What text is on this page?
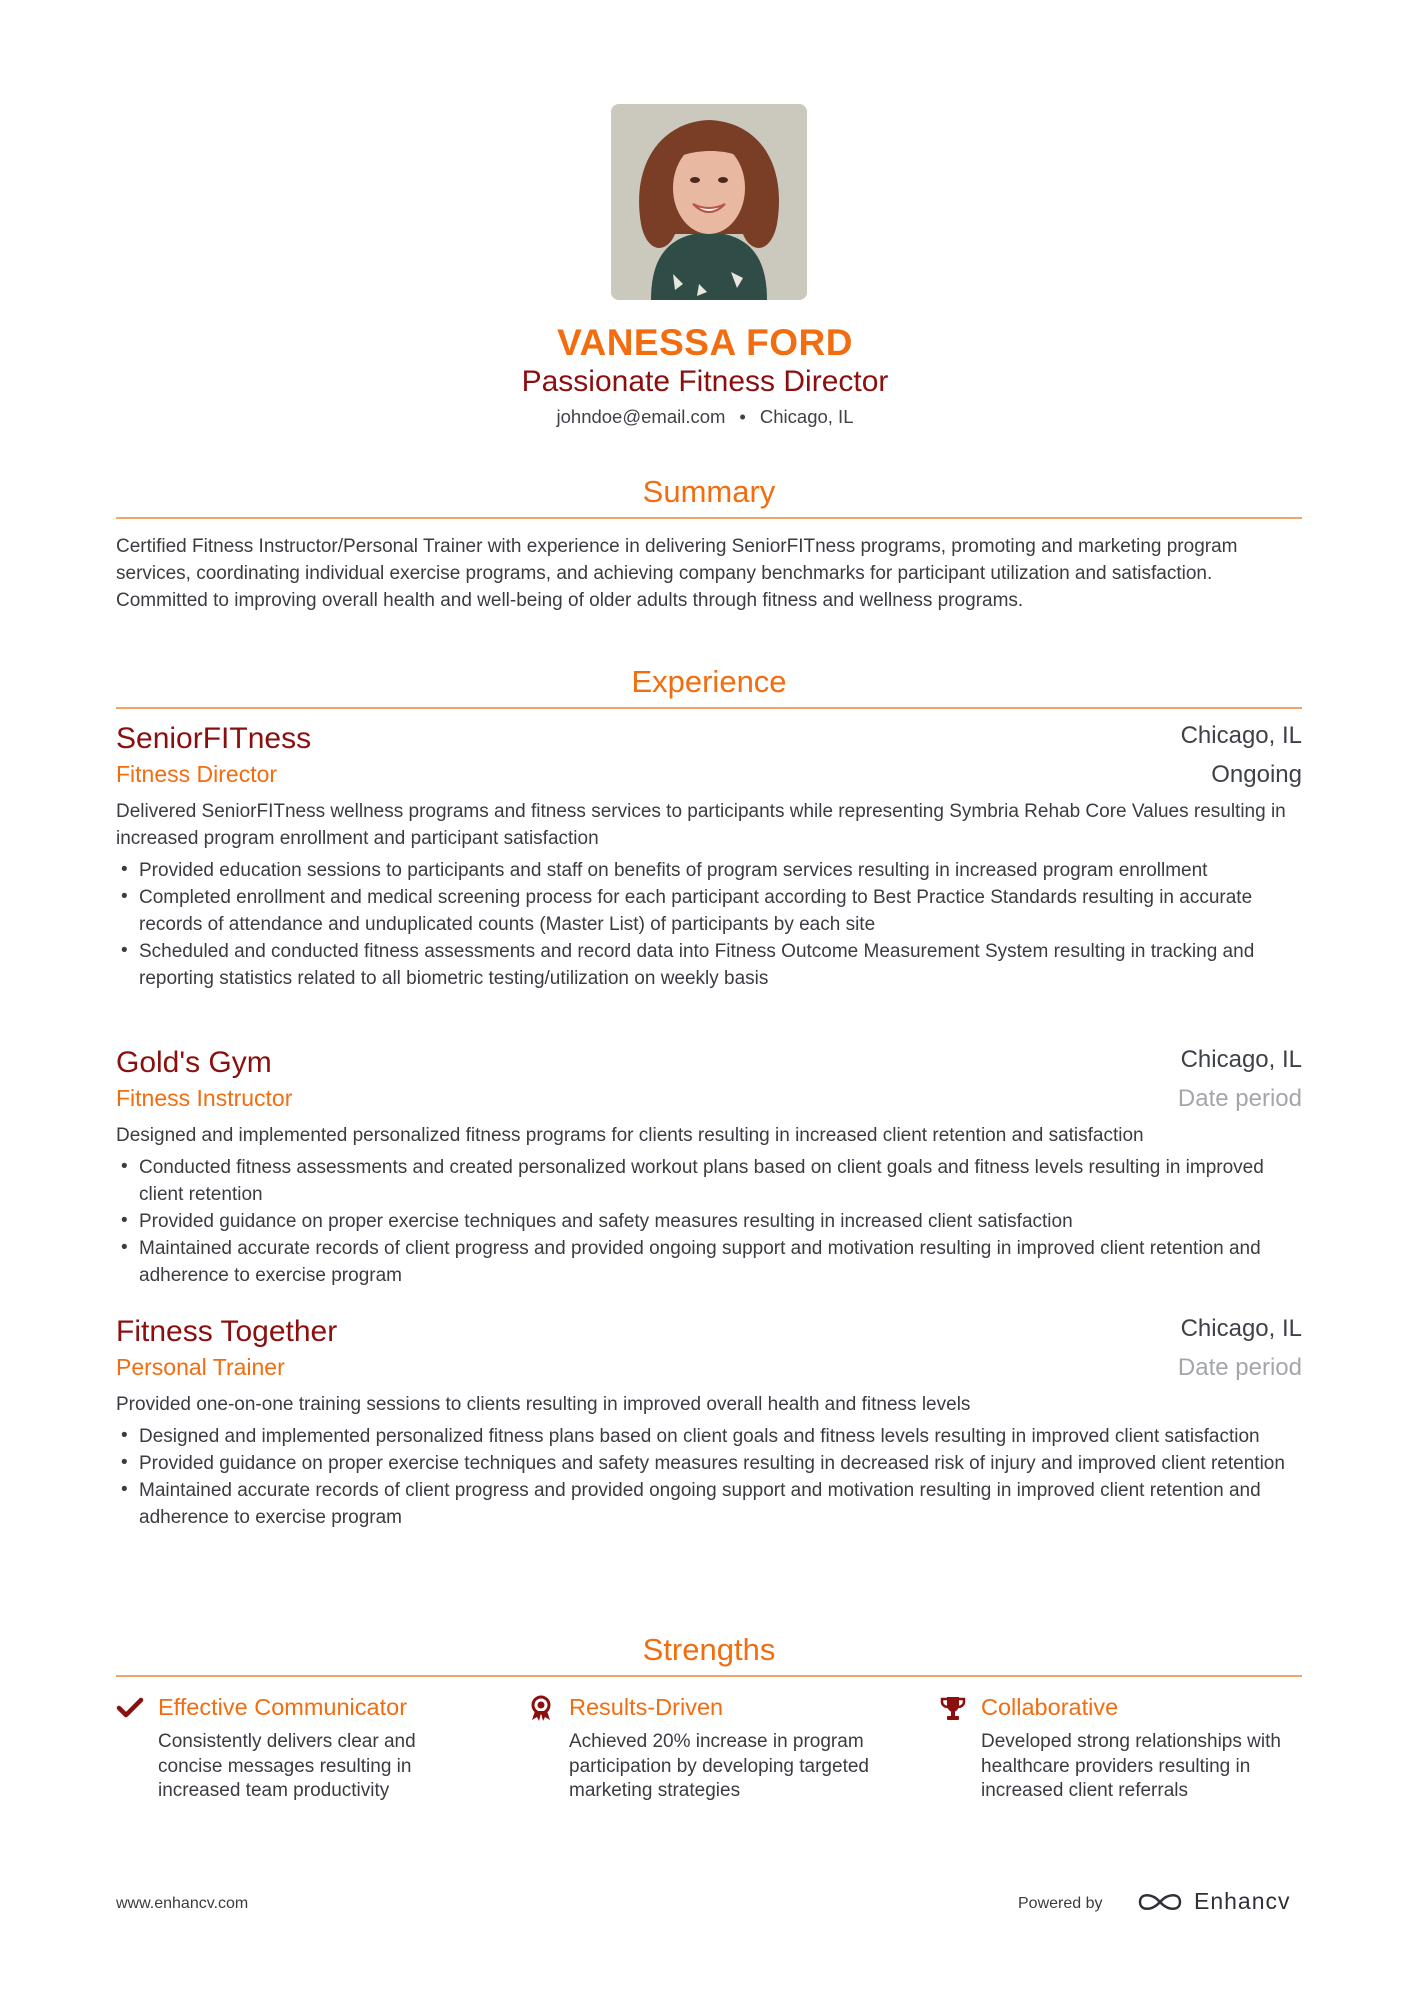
VANESSA FORD
Passionate Fitness Director
johndoe@email.com • Chicago, IL
Summary
Certified Fitness Instructor/Personal Trainer with experience in delivering SeniorFITness programs, promoting and marketing program services, coordinating individual exercise programs, and achieving company benchmarks for participant utilization and satisfaction. Committed to improving overall health and well-being of older adults through fitness and wellness programs.
Experience
SeniorFITness	Chicago, IL
Fitness Director	Ongoing
Delivered SeniorFITness wellness programs and fitness services to participants while representing Symbria Rehab Core Values resulting in increased program enrollment and participant satisfaction
• Provided education sessions to participants and staff on benefits of program services resulting in increased program enrollment
• Completed enrollment and medical screening process for each participant according to Best Practice Standards resulting in accurate records of attendance and unduplicated counts (Master List) of participants by each site
• Scheduled and conducted fitness assessments and record data into Fitness Outcome Measurement System resulting in tracking and reporting statistics related to all biometric testing/utilization on weekly basis
Gold's Gym	Chicago, IL
Fitness Instructor	Date period
Designed and implemented personalized fitness programs for clients resulting in increased client retention and satisfaction
• Conducted fitness assessments and created personalized workout plans based on client goals and fitness levels resulting in improved client retention
• Provided guidance on proper exercise techniques and safety measures resulting in increased client satisfaction
• Maintained accurate records of client progress and provided ongoing support and motivation resulting in improved client retention and adherence to exercise program
Fitness Together	Chicago, IL
Personal Trainer	Date period
Provided one-on-one training sessions to clients resulting in improved overall health and fitness levels
• Designed and implemented personalized fitness plans based on client goals and fitness levels resulting in improved client satisfaction
• Provided guidance on proper exercise techniques and safety measures resulting in decreased risk of injury and improved client retention
• Maintained accurate records of client progress and provided ongoing support and motivation resulting in improved client retention and adherence to exercise program
Strengths
Effective Communicator
Consistently delivers clear and concise messages resulting in increased team productivity
Results-Driven
Achieved 20% increase in program participation by developing targeted marketing strategies
Collaborative
Developed strong relationships with healthcare providers resulting in increased client referrals
www.enhancv.com	Powered by	Enhancv
